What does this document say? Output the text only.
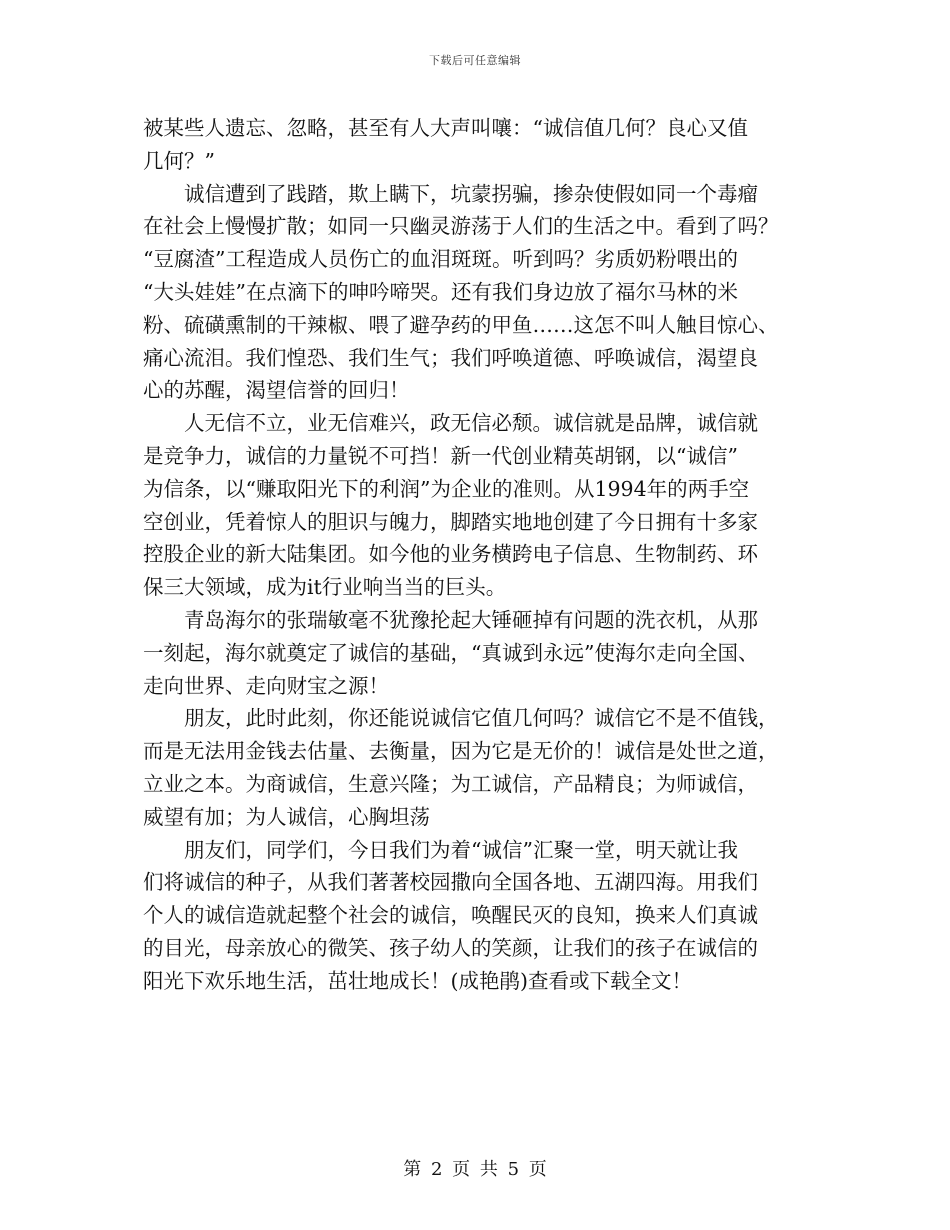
下载后可任意编辑
被某些人遗忘、忽略，甚至有人大声叫嚷：“诚信值几何？良心又值
几何？”
诚信遭到了践踏，欺上瞒下，坑蒙拐骗，掺杂使假如同一个毒瘤
在社会上慢慢扩散；如同一只幽灵游荡于人们的生活之中。看到了吗？
“豆腐渣”工程造成人员伤亡的血泪斑斑。听到吗？劣质奶粉喂出的
“大头娃娃”在点滴下的呻吟啼哭。还有我们身边放了福尔马林的米
粉、硫磺熏制的干辣椒、喂了避孕药的甲鱼……这怎不叫人触目惊心、
痛心流泪。我们惶恐、我们生气；我们呼唤道德、呼唤诚信，渴望良
心的苏醒，渴望信誉的回归！
人无信不立，业无信难兴，政无信必颓。诚信就是品牌，诚信就
是竞争力，诚信的力量锐不可挡！新一代创业精英胡钢，以“诚信”
为信条，以“赚取阳光下的利润”为企业的准则。从1994年的两手空
空创业，凭着惊人的胆识与魄力，脚踏实地地创建了今日拥有十多家
控股企业的新大陆集团。如今他的业务横跨电子信息、生物制药、环
保三大领域，成为it行业响当当的巨头。
青岛海尔的张瑞敏毫不犹豫抡起大锤砸掉有问题的洗衣机，从那
一刻起，海尔就奠定了诚信的基础，“真诚到永远”使海尔走向全国、
走向世界、走向财宝之源！
朋友，此时此刻，你还能说诚信它值几何吗？诚信它不是不值钱，
而是无法用金钱去估量、去衡量，因为它是无价的！诚信是处世之道，
立业之本。为商诚信，生意兴隆；为工诚信，产品精良；为师诚信，
威望有加；为人诚信，心胸坦荡
朋友们，同学们，今日我们为着“诚信”汇聚一堂，明天就让我
们将诚信的种子，从我们著著校园撒向全国各地、五湖四海。用我们
个人的诚信造就起整个社会的诚信，唤醒民灭的良知，换来人们真诚
的目光，母亲放心的微笑、孩子幼人的笑颜，让我们的孩子在诚信的
阳光下欢乐地生活，茁壮地成长！(成艳鹃)查看或下载全文！
第 2 页 共 5 页
